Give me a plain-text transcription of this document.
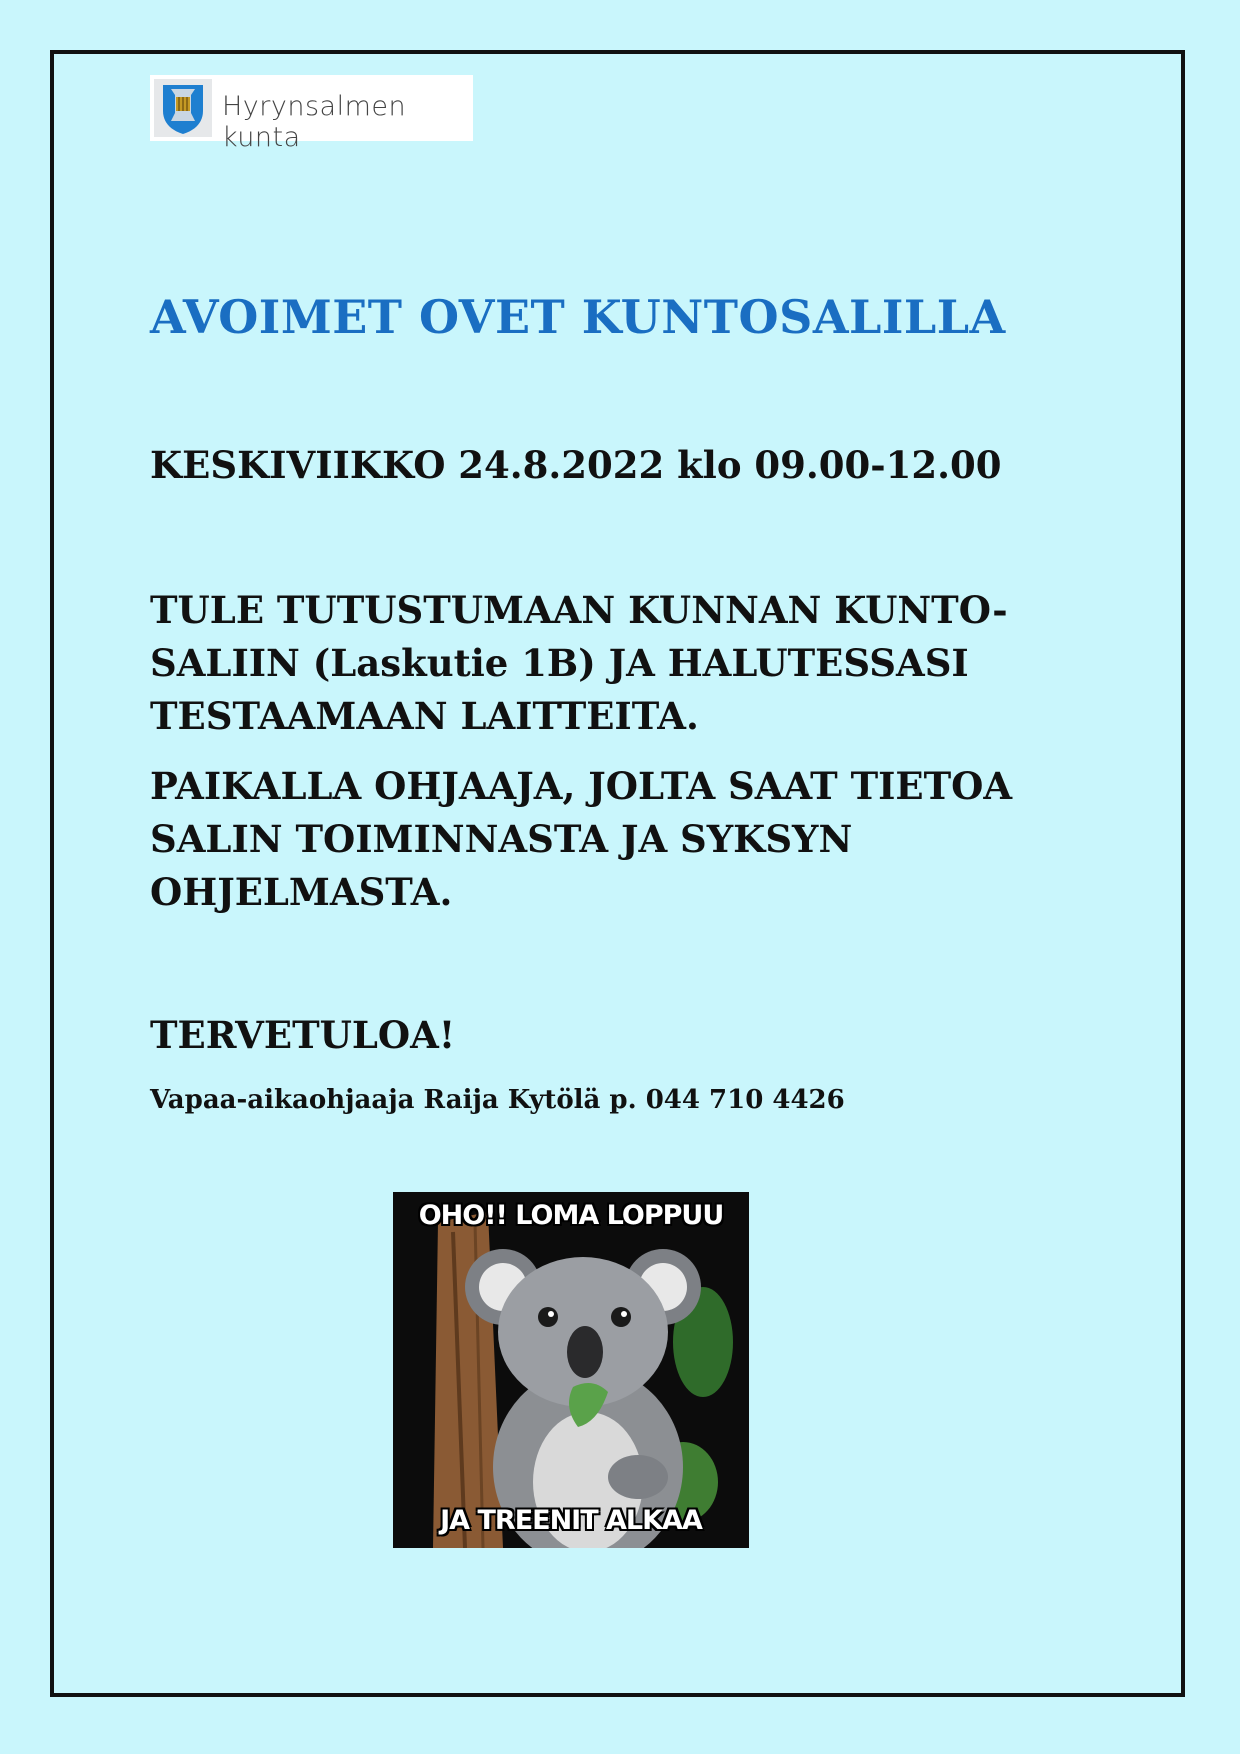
Hyrynsalmen kunta
AVOIMET OVET KUNTOSALILLA
KESKIVIIKKO 24.8.2022 klo 09.00-12.00
TULE TUTUSTUMAAN KUNNAN KUNTO-
SALIIN (Laskutie 1B) JA HALUTESSASI
TESTAAMAAN LAITTEITA.
PAIKALLA OHJAAJA, JOLTA SAAT TIETOA
SALIN TOIMINNASTA JA SYKSYN
OHJELMASTA.
TERVETULOA!
Vapaa-aikaohjaaja Raija Kytölä p. 044 710 4426
OHO!! LOMA LOPPUU
JA TREENIT ALKAA
